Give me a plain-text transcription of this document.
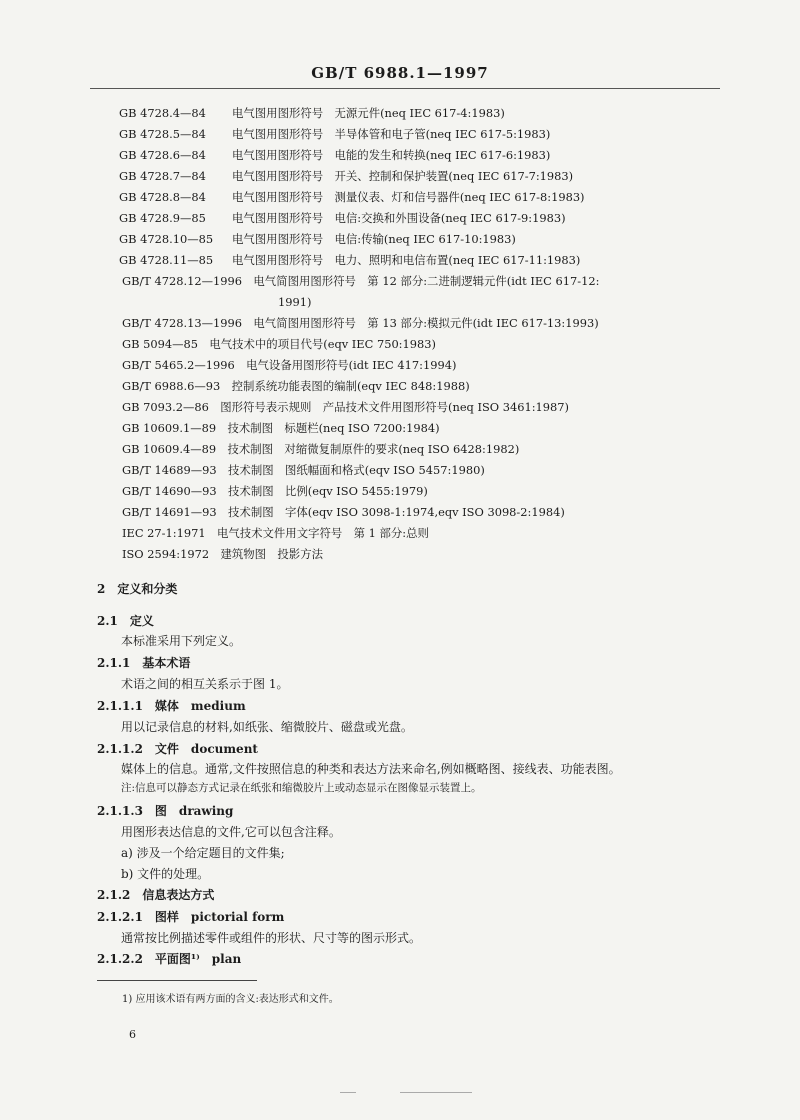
GB/T 6988.1—1997
GB 4728.4—84 电气图用图形符号　无源元件(neq IEC 617-4:1983)
GB 4728.5—84 电气图用图形符号　半导体管和电子管(neq IEC 617-5:1983)
GB 4728.6—84 电气图用图形符号　电能的发生和转换(neq IEC 617-6:1983)
GB 4728.7—84 电气图用图形符号　开关、控制和保护装置(neq IEC 617-7:1983)
GB 4728.8—84 电气图用图形符号　测量仪表、灯和信号器件(neq IEC 617-8:1983)
GB 4728.9—85 电气图用图形符号　电信:交换和外围设备(neq IEC 617-9:1983)
GB 4728.10—85 电气图用图形符号　电信:传输(neq IEC 617-10:1983)
GB 4728.11—85 电气图用图形符号　电力、照明和电信布置(neq IEC 617-11:1983)
GB/T 4728.12—1996　电气简图用图形符号　第 12 部分:二进制逻辑元件(idt IEC 617-12:
1991)
GB/T 4728.13—1996　电气简图用图形符号　第 13 部分:模拟元件(idt IEC 617-13:1993)
GB 5094—85　电气技术中的项目代号(eqv IEC 750:1983)
GB/T 5465.2—1996　电气设备用图形符号(idt IEC 417:1994)
GB/T 6988.6—93　控制系统功能表图的编制(eqv IEC 848:1988)
GB 7093.2—86　图形符号表示规则　产品技术文件用图形符号(neq ISO 3461:1987)
GB 10609.1—89　技术制图　标题栏(neq ISO 7200:1984)
GB 10609.4—89　技术制图　对缩微复制原件的要求(neq ISO 6428:1982)
GB/T 14689—93　技术制图　图纸幅面和格式(eqv ISO 5457:1980)
GB/T 14690—93　技术制图　比例(eqv ISO 5455:1979)
GB/T 14691—93　技术制图　字体(eqv ISO 3098-1:1974,eqv ISO 3098-2:1984)
IEC 27-1:1971　电气技术文件用文字符号　第 1 部分:总则
ISO 2594:1972　建筑物图　投影方法
2　定义和分类
2.1　定义
本标准采用下列定义。
2.1.1　基本术语
术语之间的相互关系示于图 1。
2.1.1.1　媒体　medium
用以记录信息的材料,如纸张、缩微胶片、磁盘或光盘。
2.1.1.2　文件　document
媒体上的信息。通常,文件按照信息的种类和表达方法来命名,例如概略图、接线表、功能表图。
注:信息可以静态方式记录在纸张和缩微胶片上或动态显示在图像显示装置上。
2.1.1.3　图　drawing
用图形表达信息的文件,它可以包含注释。
a) 涉及一个给定题目的文件集;
b) 文件的处理。
2.1.2　信息表达方式
2.1.2.1　图样　pictorial form
通常按比例描述零件或组件的形状、尺寸等的图示形式。
2.1.2.2　平面图¹⁾　plan
1) 应用该术语有两方面的含义:表达形式和文件。
6
